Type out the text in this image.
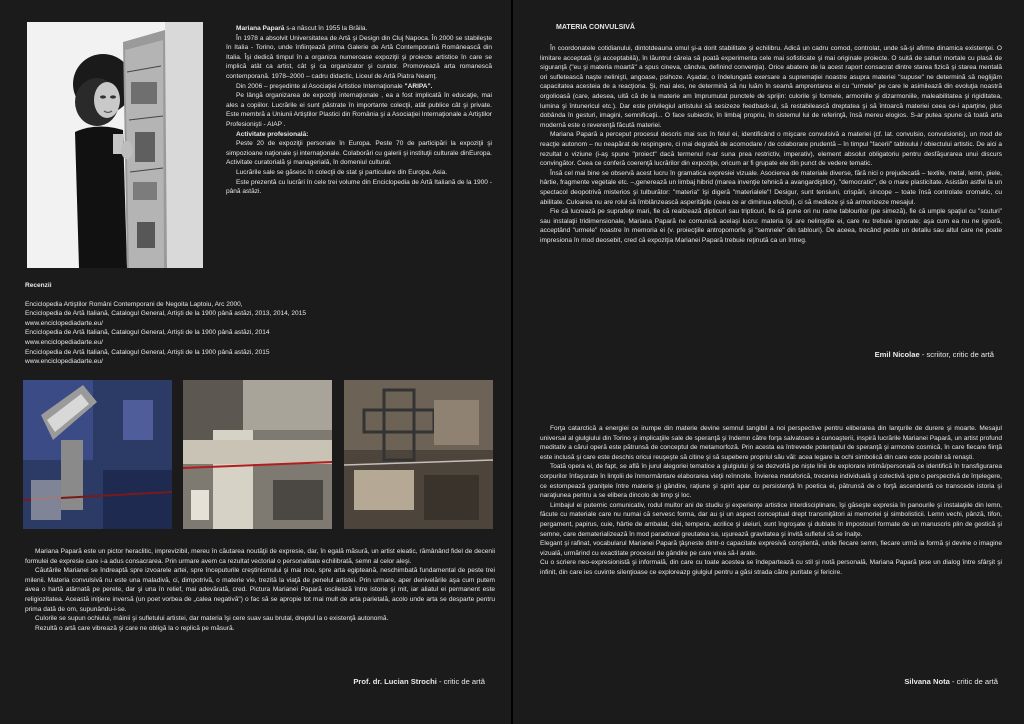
Mariana Papară s-a născut în 1955 la Brăila.

În 1978 a absolvit Universitatea de Artă şi Design din Cluj Napoca. În 2000 se stabileşte în Italia - Torino, unde înfiinţează prima Galerie de Artă Contemporană Românească din Italia. Îşi dedică timpul în a organiza numeroase expoziţii şi proiecte artistice în care se implică atât ca artist, cât şi ca organizator şi curator. Promovează arta romanescă contemporană. 1978–2000 – cadru didactic, Liceul de Artă Piatra Neamţ.

Din 2006 – preşedinte al Asociaţiei Artistice Internaţionale "ARIPA".

Pe lângă organizarea de expoziţii internaţionale , ea a fost implicată în educaţie, mai ales a copiilor. Lucrările ei sunt păstrate în importante colecţii, atât publice cât şi private. Este membră a Uniunii Artiştilor Plastici din România şi a Asociaţiei Internaţionale a Artiştilor Profesionişti - AIAP .

Activitate profesională:

Peste 20 de expoziţii personale în Europa. Peste 70 de participări la expoziţii şi simpozioane naţionale şi internaţionale. Colaborări cu galerii şi instituţii culturale dinEuropa. Activitate curatorială şi managerială, în domeniul cultural.

Lucrările sale se găsesc în colecţii de stat şi particulare din Europa, Asia.

Este prezentă cu lucrări în cele trei volume din Enciclopedia de Artă Italiană de la 1900 - până astăzi.

Recenzii

Enciclopedia Artiştilor Români Contemporani de Negoita Laptoiu, Arc 2000,

Enciclopedia de Artă Italiană, Catalogul General, Artişti de la 1900 până astăzi, 2013, 2014, 2015

www.enciclopediadarte.eu/

Enciclopedia de Artă Italiană, Catalogul General, Artişti de la 1900 până astăzi, 2014

www.enciclopediadarte.eu/

Enciclopedia de Artă Italiană, Catalogul General, Artişti de la 1900 până astăzi, 2015

www.enciclopediadarte.eu/

Mariana Papară este un pictor heraclitic, imprevizibil, mereu în căutarea noutăţii de expresie, dar, în egală măsură, un artist eleatic, rămânând fidel de decenii formulei de expresie care i-a adus consacrarea. Prin urmare avem ca rezultat vectorial o personalitate echilibrată, semn al celor aleşi.

Căutările Marianei se îndreaptă spre izvoarele artei, spre începuturile creştinismului şi mai nou, spre arta egipteană, neschimbată fundamental de peste trei milenii. Materia convulsivă nu este una maladivă, ci, dimpotrivă, o materie vie, trezită la viaţă de penelul artistei. Prin urmare, aper denivelările aşa cum putem avea o hartă atârnată pe perete, dar şi una în relief, mai adevărată, cred. Pictura Marianei Papară oscilează între istorie şi mit, iar aliatul ei permanent este religiozitatea. Această iniţiere inversă (un poet vorbea de „calea negativă") o fac să se apropie tot mai mult de arta parietală, acolo unde arta se desparte pentru prima dată de om, supunându-i-se.

Culorile se supun ochiului, mâinii şi sufletului artistei, dar materia îşi cere suav sau brutal, dreptul la o existenţă autonomă.

Rezultă o artă care vibrează şi care ne obligă la o replică pe măsură.

Prof. dr. Lucian Strochi - critic de artă
MATERIA CONVULSIVĂ

În coordonatele cotidianului, dintotdeauna omul şi-a dorit stabilitate şi echilibru. Adică un cadru comod, controlat, unde să-şi afirme dinamica existenţei. O limitare acceptată (şi acceptabilă), în lăuntrul căreia să poată experimenta cele mai sofisticate şi mai originale proiecte. O suită de salturi mortale cu plasă de siguranţă ("eu şi materia moartă" a spus cineva, cândva, definind convenţia). Orice abatere de la acest raport consacrat dintre starea fizică şi starea mentală ori sufletească naşte nelinişti, angoase, psihoze. Aşadar, o îndelungată exersare a supremaţiei noastre asupra materiei "supuse" ne determină să neglijăm capacitatea acesteia de a reacţiona. Şi, mai ales, ne determină să nu luăm în seamă amprentarea ei cu "urmele" pe care le asimilează din evoluţia noastră orgolioasă (care, adesea, uită că de la materie am împrumutat punctele de sprijin: culorile şi formele, armoniile şi dizarmoniile, maleabilitatea şi rigiditatea, lumina şi întunericul etc.). Dar este privilegiul artistului să sesizeze feedback-ul, să restabilească dreptatea şi să întoarcă materiei ceea ce-i aparţine, plus dobânda în gesturi, imagini, semnificaţii... O face subiectiv, în limbaj propriu, în sistemul lui de referinţă, însă mereu elogios. S-ar putea spune că toată arta modernă este o reverenţă făcută materiei.

Mariana Papară a perceput procesul descris mai sus în felul ei, identificând o mişcare convulsivă a materiei (cf. lat. convulsio, convulsionis), un mod de reacţie autonom – nu neapărat de respingere, ci mai degrabă de acomodare / de colaborare prudentă – în timpul "facerii" tabloului / obiectului artistic. De aici a rezultat o viziune (i-aş spune "proiect" dacă termenul n-ar suna prea restrictiv, imperativ), element absolut obligatoriu pentru desfăşurarea unui discurs convingător. Ceea ce conferă coerenţă lucrărilor din expoziţie, oricum ar fi grupate ele din punct de vedere tematic.

Însă cel mai bine se observă acest lucru în gramatica expresiei vizuale. Asocierea de materiale diverse, fără nici o prejudecată – textile, metal, lemn, piele, hârtie, fragmente vegetale etc. –,generează un limbaj hibrid (marea invenţie tehnică a avangardiştilor), "democratic", de o mare plasticitate. Asistăm astfel la un spectacol deopotrivă misterios şi tulburător: "materia" îşi digeră "materialele"! Desigur, sunt tensiuni, crispări, sincope – toate însă controlate cromatic, cu abilitate. Culoarea nu are rolul să îmblânzească asperităţile (ceea ce ar diminua efectul), ci să medieze şi să armonizeze mesajul.

Fie că lucrează pe suprafeţe mari, fie că realizează dipticuri sau tripticuri, fie că pune ori nu rame tablourilor (pe simeză), fie că umple spaţiul cu "scuturi" sau instalaţii tridimensionale, Mariana Papară ne comunică acelaşi lucru: materia îşi are neliniştile ei, care nu trebuie ignorate; aşa cum ea nu ne ignoră, acceptând "urmele" noastre în memoria ei (v. proiecţiile antropomorfe şi "semnele" din tablouri). De aceea, trecând peste un detaliu sau altul care ne poate impresiona în mod deosebit, cred că expoziţia Marianei Papară trebuie reţinută ca un întreg.

Emil Nicolae - scriitor, critic de artă

Forţa catarctică a energiei ce irumpe din materie devine semnul tangibil a noi perspective pentru eliberarea din lanţurile de durere şi moarte. Mesajul universal al giulgiului din Torino şi implicaţiile sale de speranţă şi îndemn către forţa salvatoare a cunoaşterii, inspiră lucrările Marianei Papară, un artist profund meditativ a cărui operă este pătrunsă de conceptul de metamorfoză. Prin acesta ea întrevede potenţialul de speranţă şi armonie cosmică, în care fiecare fiinţă este inclusă şi care este deschis oricui reuşeşte să citine şi să supebere propriul său văl: acea legare la ochi simbolică din care este posibil să renaşti.

Toată opera ei, de fapt, se află în jurul alegoriei tematice a giulgiului şi se dezvoltă pe niște linii de explorare intimă/personală ce identifică în transfigurarea corpurilor înfaşurate în linţolii de înmormântare elaborarea vieţii reînnoite. Învierea metaforică, trecerea individuală şi colectivă spre o perspectivă de înţelegere, ce estompează graniţele între materie şi gândire, raţiune şi spirit apar cu persistenţă în poetica ei, pătrunsă de o forţă ascendentă ce transcede istoria şi naraţiunea pentru a se elibera dincolo de timp şi loc.

Limbajul ei puternic comunicativ, rodul multor ani de studiu şi experienţe artistice interdisciplinare, îşi găseşte expresia în panourile şi instalaţiile din lemn, făcute cu materiale care nu numai că servesc forma, dar au şi un aspect conceptual drept transmiţători ai memoriei şi simbolisticii. Lemn vechi, pânză, tifon, pergament, papirus, cuie, hârtie de ambalat, clei, tempera, acrilice şi uleiuri, sunt îngroşate şi dublate în impostouri formate de un manuscris plin de gestică şi semne, care dematerializează în mod paradoxal greutatea sa, uşurează gravitatea şi invită sufletul să se înalţe.

Elegant şi rafinat, vocabularul Marianei Papară ţâşneste dintr-o capacitate expresivă conştientă, unde fiecare semn, fiecare urmă ia formă şi devine o imagine vizuală, urmărind cu exactitate procesul de gândire pe care vrea să-l arate.

Cu o scriere neo-expresionistă şi informală, din care cu toate acestea se îndepartează cu stil şi notă personală, Mariana Papară ţese un dialog între sfârşit şi infinit, din care ies cuvinte silenţioase ce exploreazp giulgiul pentru a găsi strada către puritate şi fericire.

Silvana Nota - critic de artă
